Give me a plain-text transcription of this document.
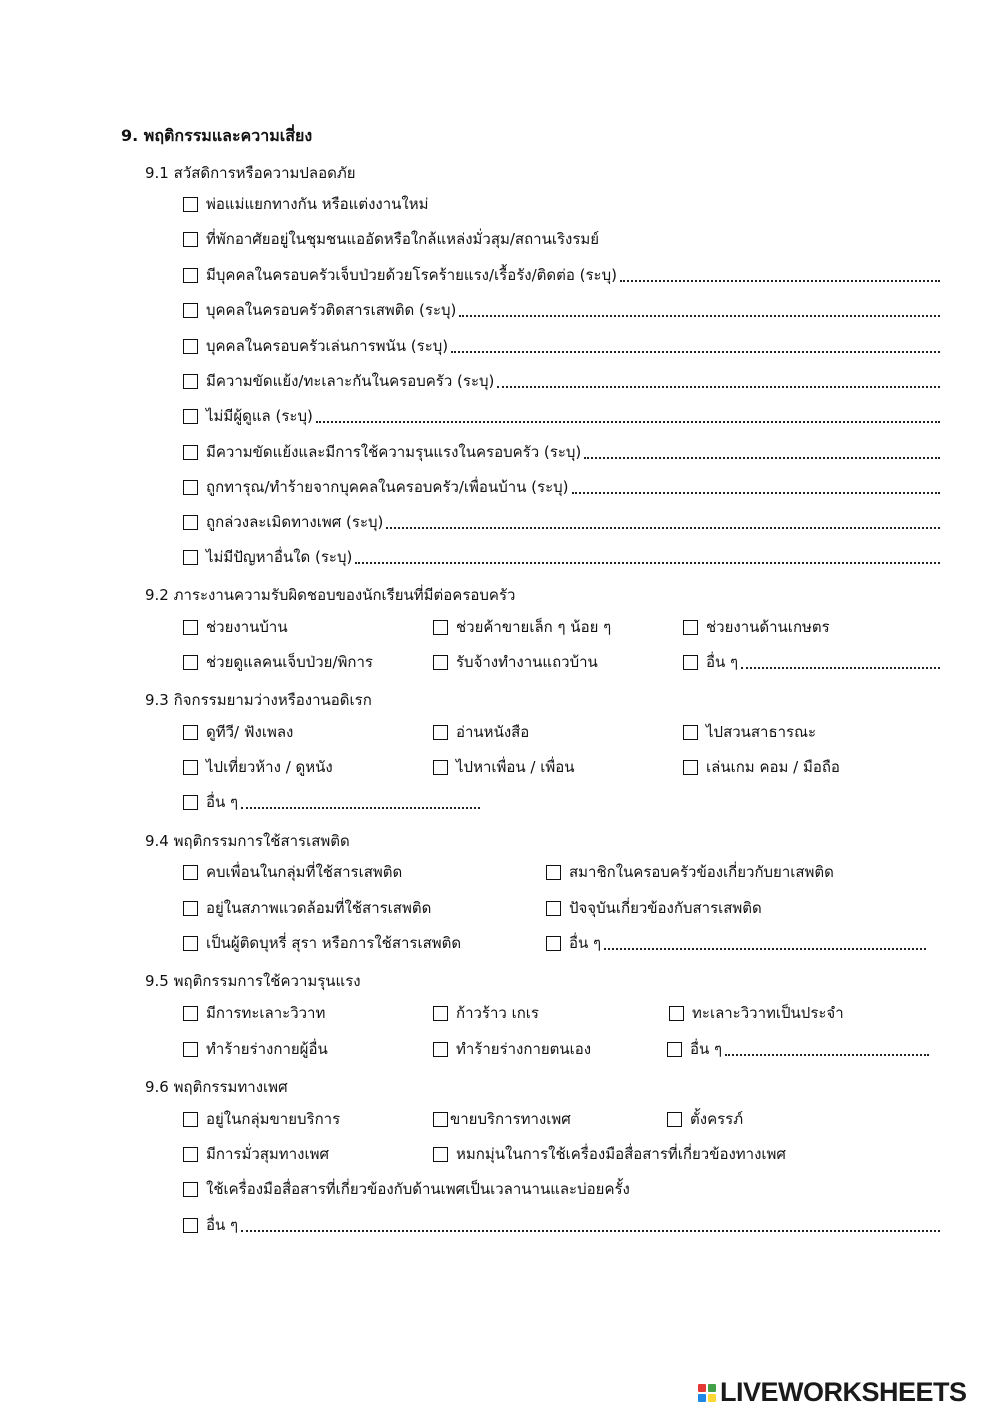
9. พฤติกรรมและความเสี่ยง
9.1 สวัสดิการหรือความปลอดภัย
พ่อแม่แยกทางกัน หรือแต่งงานใหม่
ที่พักอาศัยอยู่ในชุมชนแออัดหรือใกล้แหล่งมั่วสุม/สถานเริงรมย์
มีบุคคลในครอบครัวเจ็บป่วยด้วยโรคร้ายแรง/เรื้อรัง/ติดต่อ (ระบุ)
บุคคลในครอบครัวติดสารเสพติด (ระบุ)
บุคคลในครอบครัวเล่นการพนัน (ระบุ)
มีความขัดแย้ง/ทะเลาะกันในครอบครัว (ระบุ)
ไม่มีผู้ดูแล (ระบุ)
มีความขัดแย้งและมีการใช้ความรุนแรงในครอบครัว (ระบุ)
ถูกทารุณ/ทำร้ายจากบุคคลในครอบครัว/เพื่อนบ้าน (ระบุ)
ถูกล่วงละเมิดทางเพศ (ระบุ)
ไม่มีปัญหาอื่นใด (ระบุ)
9.2 ภาระงานความรับผิดชอบของนักเรียนที่มีต่อครอบครัว
ช่วยงานบ้าน	ช่วยค้าขายเล็ก ๆ น้อย ๆ	ช่วยงานด้านเกษตร
ช่วยดูแลคนเจ็บป่วย/พิการ	รับจ้างทำงานแถวบ้าน	อื่น ๆ
9.3 กิจกรรมยามว่างหรืองานอดิเรก
ดูทีวี/ ฟังเพลง	อ่านหนังสือ	ไปสวนสาธารณะ
ไปเที่ยวห้าง / ดูหนัง	ไปหาเพื่อน / เพื่อน	เล่นเกม คอม / มือถือ
อื่น ๆ
9.4 พฤติกรรมการใช้สารเสพติด
คบเพื่อนในกลุ่มที่ใช้สารเสพติด	สมาชิกในครอบครัวข้องเกี่ยวกับยาเสพติด
อยู่ในสภาพแวดล้อมที่ใช้สารเสพติด	ปัจจุบันเกี่ยวข้องกับสารเสพติด
เป็นผู้ติดบุหรี่ สุรา หรือการใช้สารเสพติด	อื่น ๆ
9.5 พฤติกรรมการใช้ความรุนแรง
มีการทะเลาะวิวาท	ก้าวร้าว เกเร	ทะเลาะวิวาทเป็นประจำ
ทำร้ายร่างกายผู้อื่น	ทำร้ายร่างกายตนเอง	อื่น ๆ
9.6 พฤติกรรมทางเพศ
อยู่ในกลุ่มขายบริการ	ขายบริการทางเพศ	ตั้งครรภ์
มีการมั่วสุมทางเพศ	หมกมุ่นในการใช้เครื่องมือสื่อสารที่เกี่ยวข้องทางเพศ
ใช้เครื่องมือสื่อสารที่เกี่ยวข้องกับด้านเพศเป็นเวลานานและบ่อยครั้ง
อื่น ๆ
LIVEWORKSHEETS
